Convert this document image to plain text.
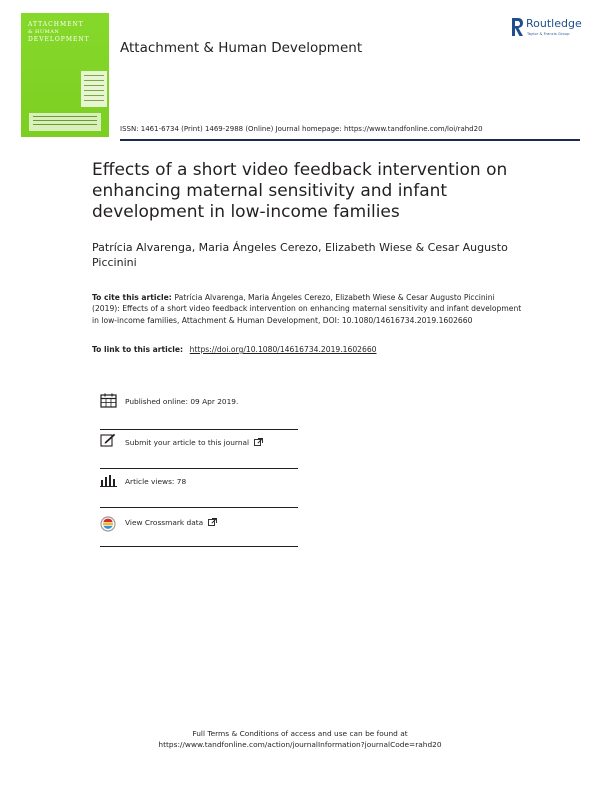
ATTACHMENT
& HUMAN
DEVELOPMENT
Attachment & Human Development
Routledge
Taylor & Francis Group
ISSN: 1461-6734 (Print) 1469-2988 (Online) Journal homepage: https://www.tandfonline.com/loi/rahd20
Effects of a short video feedback intervention on enhancing maternal sensitivity and infant development in low-income families
Patrícia Alvarenga, Maria Ángeles Cerezo, Elizabeth Wiese & Cesar Augusto Piccinini
To cite this article: Patrícia Alvarenga, Maria Ángeles Cerezo, Elizabeth Wiese & Cesar Augusto Piccinini (2019): Effects of a short video feedback intervention on enhancing maternal sensitivity and infant development in low-income families, Attachment & Human Development, DOI: 10.1080/14616734.2019.1602660
To link to this article: https://doi.org/10.1080/14616734.2019.1602660
Published online: 09 Apr 2019.
Submit your article to this journal
Article views: 78
View Crossmark data
Full Terms & Conditions of access and use can be found at
https://www.tandfonline.com/action/journalInformation?journalCode=rahd20
